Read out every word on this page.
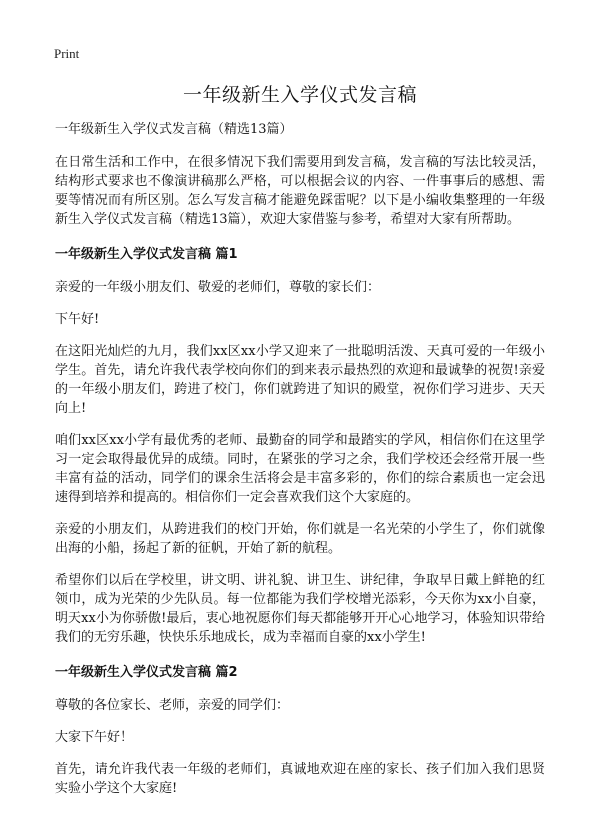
Print
一年级新生入学仪式发言稿
一年级新生入学仪式发言稿（精选13篇）

在日常生活和工作中，在很多情况下我们需要用到发言稿，发言稿的写法比较灵活，结构形式要求也不像演讲稿那么严格，可以根据会议的内容、一件事事后的感想、需要等情况而有所区别。怎么写发言稿才能避免踩雷呢？以下是小编收集整理的一年级新生入学仪式发言稿（精选13篇），欢迎大家借鉴与参考，希望对大家有所帮助。

一年级新生入学仪式发言稿 篇1

亲爱的一年级小朋友们、敬爱的老师们，尊敬的家长们：

下午好!

在这阳光灿烂的九月，我们xx区xx小学又迎来了一批聪明活泼、天真可爱的一年级小学生。首先，请允许我代表学校向你们的到来表示最热烈的欢迎和最诚挚的祝贺!亲爱的一年级小朋友们，跨进了校门，你们就跨进了知识的殿堂，祝你们学习进步、天天向上!

咱们xx区xx小学有最优秀的老师、最勤奋的同学和最踏实的学风，相信你们在这里学习一定会取得最优异的成绩。同时，在紧张的学习之余，我们学校还会经常开展一些丰富有益的活动，同学们的课余生活将会是丰富多彩的，你们的综合素质也一定会迅速得到培养和提高的。相信你们一定会喜欢我们这个大家庭的。

亲爱的小朋友们，从跨进我们的校门开始，你们就是一名光荣的小学生了，你们就像出海的小船，扬起了新的征帆，开始了新的航程。

希望你们以后在学校里，讲文明、讲礼貌、讲卫生、讲纪律，争取早日戴上鲜艳的红领巾，成为光荣的少先队员。每一位都能为我们学校增光添彩，今天你为xx小自豪，明天xx小为你骄傲!最后，衷心地祝愿你们每天都能够开开心心地学习，体验知识带给我们的无穷乐趣，快快乐乐地成长，成为幸福而自豪的xx小学生!

一年级新生入学仪式发言稿 篇2

尊敬的各位家长、老师，亲爱的同学们：

大家下午好！

首先，请允许我代表一年级的老师们，真诚地欢迎在座的家长、孩子们加入我们思贤实验小学这个大家庭!
